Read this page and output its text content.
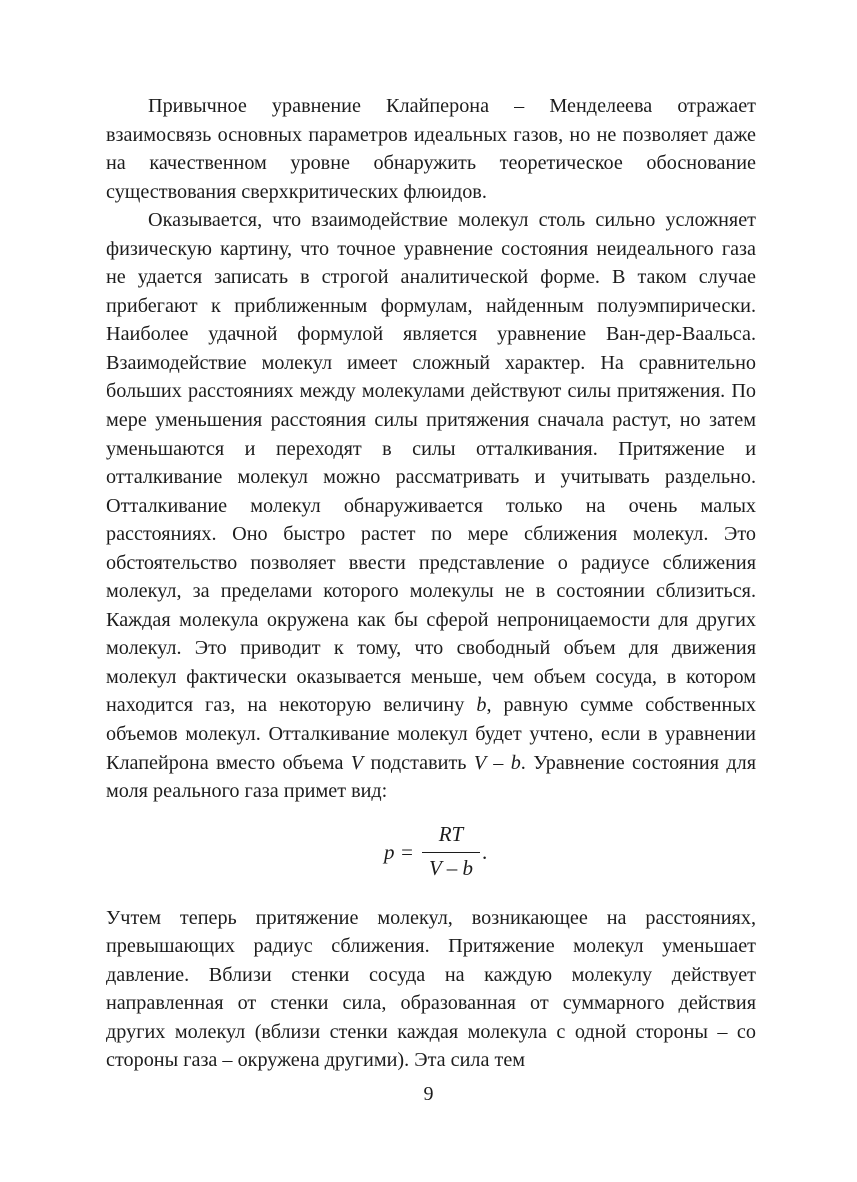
Привычное уравнение Клайперона – Менделеева отражает взаимосвязь основных параметров идеальных газов, но не позволяет даже на качественном уровне обнаружить теоретическое обоснование существования сверхкритических флюидов.

Оказывается, что взаимодействие молекул столь сильно усложняет физическую картину, что точное уравнение состояния неидеального газа не удается записать в строгой аналитической форме. В таком случае прибегают к приближенным формулам, найденным полуэмпирически. Наиболее удачной формулой является уравнение Ван-дер-Ваальса. Взаимодействие молекул имеет сложный характер. На сравнительно больших расстояниях между молекулами действуют силы притяжения. По мере уменьшения расстояния силы притяжения сначала растут, но затем уменьшаются и переходят в силы отталкивания. Притяжение и отталкивание молекул можно рассматривать и учитывать раздельно. Отталкивание молекул обнаруживается только на очень малых расстояниях. Оно быстро растет по мере сближения молекул. Это обстоятельство позволяет ввести представление о радиусе сближения молекул, за пределами которого молекулы не в состоянии сблизиться. Каждая молекула окружена как бы сферой непроницаемости для других молекул. Это приводит к тому, что свободный объем для движения молекул фактически оказывается меньше, чем объем сосуда, в котором находится газ, на некоторую величину b, равную сумме собственных объемов молекул. Отталкивание молекул будет учтено, если в уравнении Клапейрона вместо объема V подставить V – b. Уравнение состояния для моля реального газа примет вид:

p =
RT
V – b
.

Учтем теперь притяжение молекул, возникающее на расстояниях, превышающих радиус сближения. Притяжение молекул уменьшает давление. Вблизи стенки сосуда на каждую молекулу действует направленная от стенки сила, образованная от суммарного действия других молекул (вблизи стенки каждая молекула с одной стороны – со стороны газа – окружена другими). Эта сила тем

9
